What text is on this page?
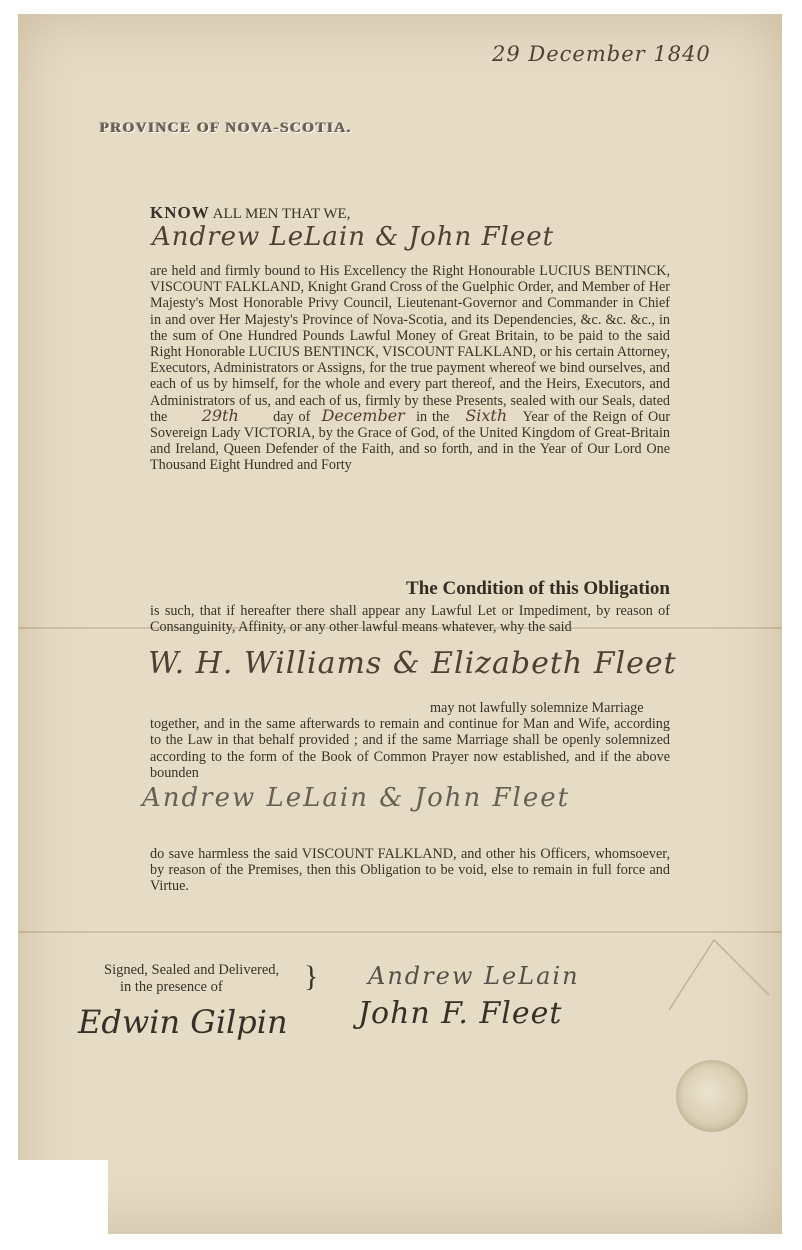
29 December 1840
PROVINCE OF NOVA-SCOTIA.
KNOW ALL MEN THAT WE,
Andrew LeLain & John Fleet
are held and firmly bound to His Excellency the Right Honourable LUCIUS BENTINCK, VISCOUNT FALKLAND, Knight Grand Cross of the Guelphic Order, and Member of Her Majesty's Most Honorable Privy Council, Lieutenant-Governor and Commander in Chief in and over Her Majesty's Province of Nova-Scotia, and its Dependencies, &c. &c. &c., in the sum of One Hundred Pounds Lawful Money of Great Britain, to be paid to the said Right Honorable LUCIUS BENTINCK, VISCOUNT FALKLAND, or his certain Attorney, Executors, Administrators or Assigns, for the true payment whereof we bind ourselves, and each of us by himself, for the whole and every part thereof, and the Heirs, Executors, and Administrators of us, and each of us, firmly by these Presents, sealed with our Seals, dated the 29th day of December in the Sixth Year of the Reign of Our Sovereign Lady VICTORIA, by the Grace of God, of the United Kingdom of Great-Britain and Ireland, Queen Defender of the Faith, and so forth, and in the Year of Our Lord One Thousand Eight Hundred and Forty
The Condition of this Obligation
is such, that if hereafter there shall appear any Lawful Let or Impediment, by reason of Consanguinity, Affinity, or any other lawful means whatever, why the said
W. H. Williams & Elizabeth Fleet
may not lawfully solemnize Marriage
together, and in the same afterwards to remain and continue for Man and Wife, according to the Law in that behalf provided ; and if the same Marriage shall be openly solemnized according to the form of the Book of Common Prayer now established, and if the above bounden
Andrew LeLain & John Fleet
do save harmless the said VISCOUNT FALKLAND, and other his Officers, whomsoever, by reason of the Premises, then this Obligation to be void, else to remain in full force and Virtue.
Signed, Sealed and Delivered,
in the presence of	} Andrew LeLain
Edwin Gilpin John F. Fleet
